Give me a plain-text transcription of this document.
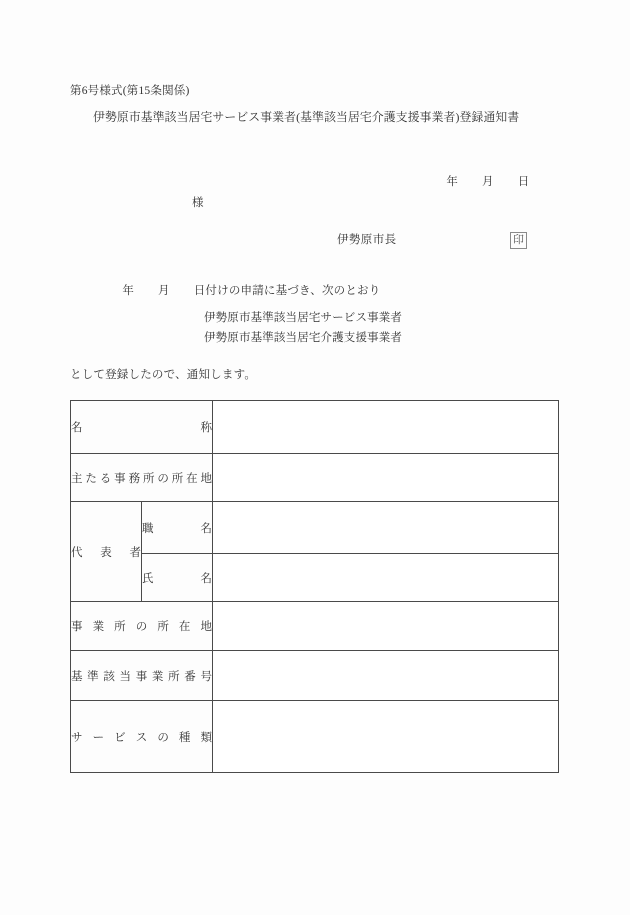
第6号様式(第15条関係)
伊勢原市基準該当居宅サービス事業者(基準該当居宅介護支援事業者)登録通知書

年 月 日

様
伊勢原市長	印

年 月 日付けの申請に基づき、次のとおり

伊勢原市基準該当居宅サービス事業者
伊勢原市基準該当居宅介護支援事業者
として登録したので、通知します。
名称		

主たる事務所の所在地		

代表者	職名	

	氏名	

事業所の所在地		

基準該当事業所番号		

サービスの種類		
